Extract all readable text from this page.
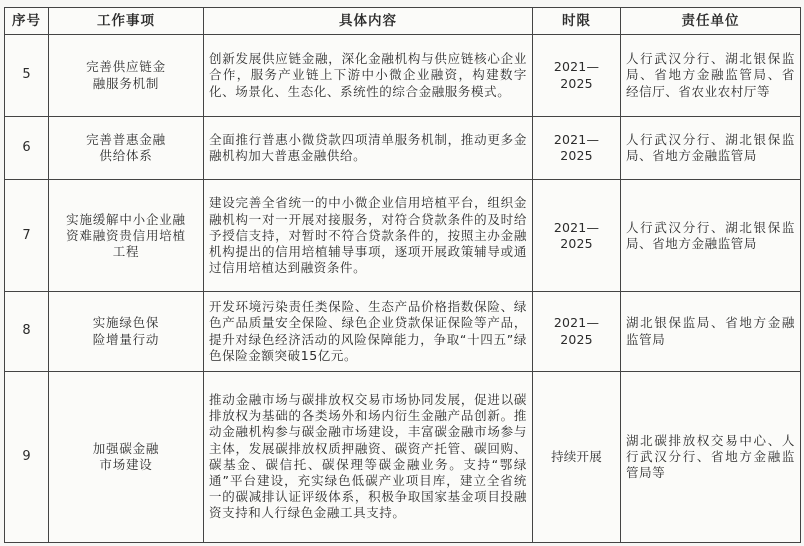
序号	工作事项	具体内容	时限	责任单位
5	完善供应链金融服务机制	创新发展供应链金融，深化金融机构与供应链核心企业合作，服务产业链上下游中小微企业融资，构建数字化、场景化、生态化、系统性的综合金融服务模式。	2021—2025	人行武汉分行、湖北银保监局、省地方金融监管局、省经信厅、省农业农村厅等
6	完善普惠金融供给体系	全面推行普惠小微贷款四项清单服务机制，推动更多金融机构加大普惠金融供给。	2021—2025	人行武汉分行、湖北银保监局、省地方金融监管局
7	实施缓解中小企业融资难融资贵信用培植工程	建设完善全省统一的中小微企业信用培植平台，组织金融机构一对一开展对接服务，对符合贷款条件的及时给予授信支持，对暂时不符合贷款条件的，按照主办金融机构提出的信用培植辅导事项，逐项开展政策辅导或通过信用培植达到融资条件。	2021—2025	人行武汉分行、湖北银保监局、省地方金融监管局
8	实施绿色保险增量行动	开发环境污染责任类保险、生态产品价格指数保险、绿色产品质量安全保险、绿色企业贷款保证保险等产品，提升对绿色经济活动的风险保障能力，争取“十四五”绿色保险金额突破15亿元。	2021—2025	湖北银保监局、省地方金融监管局
9	加强碳金融市场建设	推动金融市场与碳排放权交易市场协同发展，促进以碳排放权为基础的各类场外和场内衍生金融产品创新。推动金融机构参与碳金融市场建设，丰富碳金融市场参与主体，发展碳排放权质押融资、碳资产托管、碳回购、碳基金、碳信托、碳保理等碳金融业务。支持“鄂绿通”平台建设，充实绿色低碳产业项目库，建立全省统一的碳减排认证评级体系，积极争取国家基金项目投融资支持和人行绿色金融工具支持。	持续开展	湖北碳排放权交易中心、人行武汉分行、省地方金融监管局等
